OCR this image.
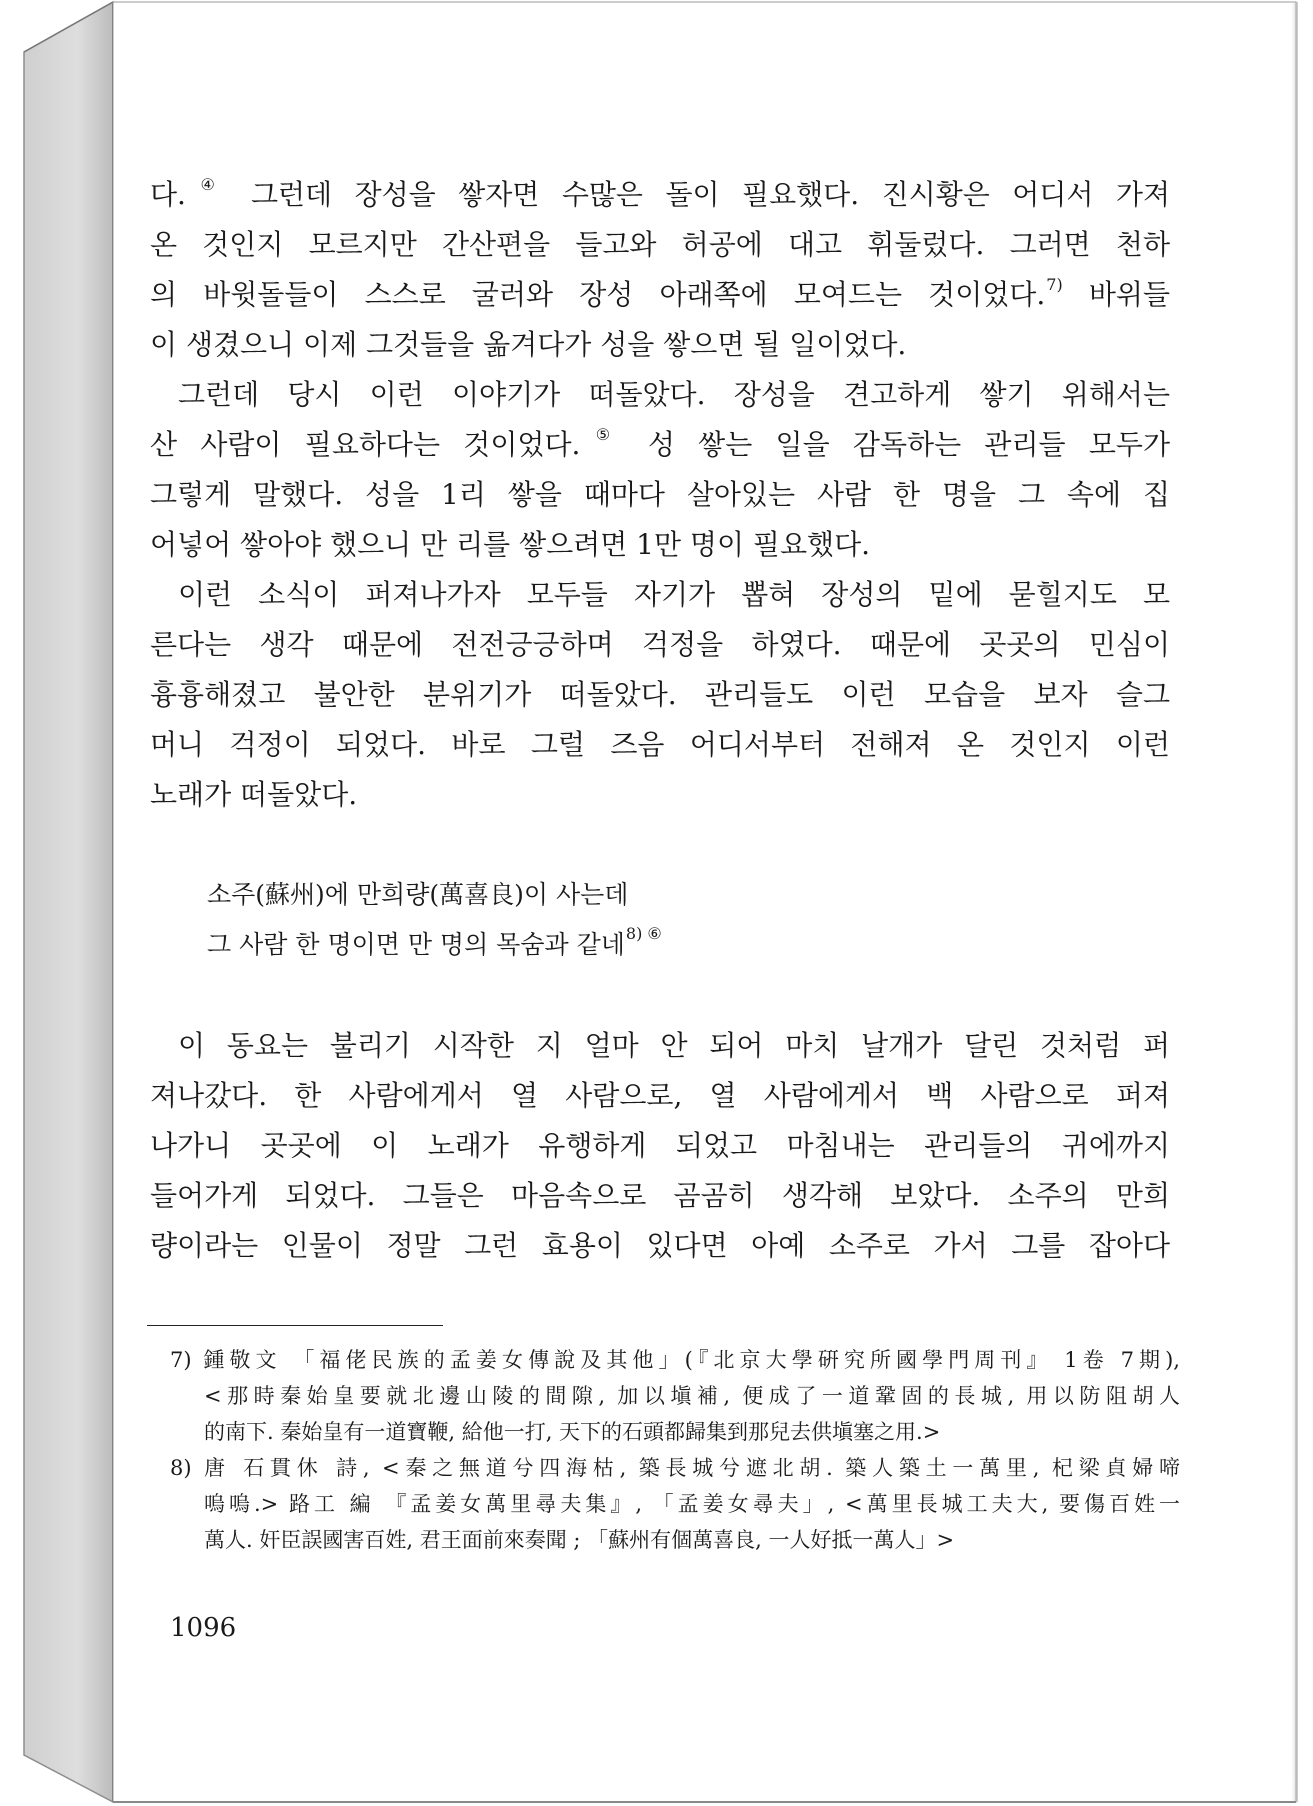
다.④ 그런데 장성을 쌓자면 수많은 돌이 필요했다. 진시황은 어디서 가져
온 것인지 모르지만 간산편을 들고와 허공에 대고 휘둘렀다. 그러면 천하
의 바윗돌들이 스스로 굴러와 장성 아래쪽에 모여드는 것이었다.$^{7)}$ 바위들
이 생겼으니 이제 그것들을 옮겨다가 성을 쌓으면 될 일이었다.
그런데 당시 이런 이야기가 떠돌았다. 장성을 견고하게 쌓기 위해서는
산 사람이 필요하다는 것이었다.⑤ 성 쌓는 일을 감독하는 관리들 모두가
그렇게 말했다. 성을 1리 쌓을 때마다 살아있는 사람 한 명을 그 속에 집
어넣어 쌓아야 했으니 만 리를 쌓으려면 1만 명이 필요했다.
이런 소식이 퍼져나가자 모두들 자기가 뽑혀 장성의 밑에 묻힐지도 모
른다는 생각 때문에 전전긍긍하며 걱정을 하였다. 때문에 곳곳의 민심이
흉흉해졌고 불안한 분위기가 떠돌았다. 관리들도 이런 모습을 보자 슬그
머니 걱정이 되었다. 바로 그럴 즈음 어디서부터 전해져 온 것인지 이런
노래가 떠돌았다.
소주(蘇州)에 만희량(萬喜良)이 사는데
그 사람 한 명이면 만 명의 목숨과 같네$^{8) ⑥}$
이 동요는 불리기 시작한 지 얼마 안 되어 마치 날개가 달린 것처럼 퍼
져나갔다. 한 사람에게서 열 사람으로, 열 사람에게서 백 사람으로 퍼져
나가니 곳곳에 이 노래가 유행하게 되었고 마침내는 관리들의 귀에까지
들어가게 되었다. 그들은 마음속으로 곰곰히 생각해 보았다. 소주의 만희
량이라는 인물이 정말 그런 효용이 있다면 아예 소주로 가서 그를 잡아다
7) 鍾敬文 「福佬民族的孟姜女傳說及其他」(『北京大學硏究所國學門周刊』 1卷 7期),
<那時秦始皇要就北邊山陵的間隙, 加以塡補, 便成了一道鞏固的長城, 用以防阻胡人
的南下. 秦始皇有一道寶鞭, 給他一打, 天下的石頭都歸集到那兒去供塡塞之用.>
8) 唐 石貫休 詩, <秦之無道兮四海枯, 築長城兮遮北胡. 築人築土一萬里, 杞梁貞婦啼
嗚嗚.> 路工 編 『孟姜女萬里尋夫集』, 「孟姜女尋夫」, <萬里長城工夫大, 要傷百姓一
萬人. 奸臣誤國害百姓, 君王面前來奏聞 ; 「蘇州有個萬喜良, 一人好抵一萬人」>
1096
